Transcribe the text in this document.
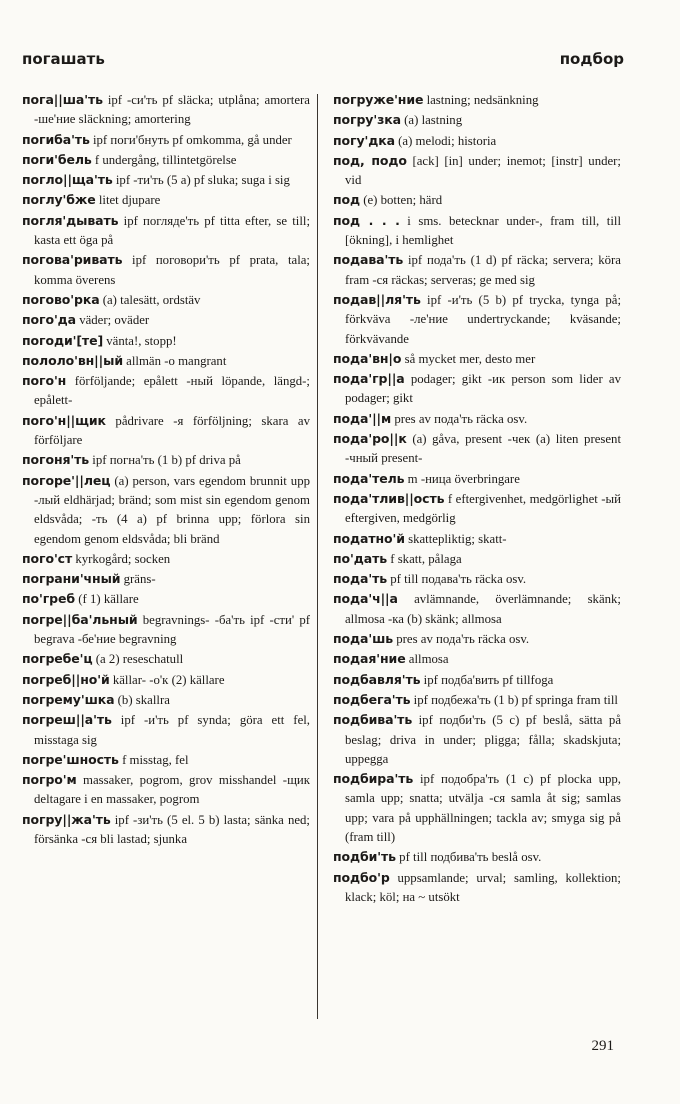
погашать	подбор

пога||ша'ть ipf -си'ть pf släcka; utplåna; amortera -ше'ние släckning; amortering

погиба'ть ipf поги'бнуть pf omkomma, gå under

поги'бель f undergång, tillintetgörelse

погло||ща'ть ipf -ти'ть (5 a) pf sluka; suga i sig

поглу'бже litet djupare

погля'дывать ipf погляде'ть pf titta efter, se till; kasta ett öga på

погова'ривать ipf поговори'ть pf prata, tala; komma överens

погово'рка (a) talesätt, ordstäv

пого'да väder; oväder

погоди'[те] vänta!, stopp!

пололо'вн||ый allmän -о mangrant

пого'н förföljande; epålett -ный löpande, längd-; epålett-

пого'н||щик pådrivare -я förföljning; skara av förföljare

погоня'ть ipf погна'ть (1 b) pf driva på

погоре'||лец (a) person, vars egendom brunnit upp -лый eldhärjad; bränd; som mist sin egendom genom eldsvåda; -ть (4 a) pf brinna upp; förlora sin egendom genom eldsvåda; bli bränd

пого'ст kyrkogård; socken

пограни'чный gräns-

по'греб (f 1) källare

погре||ба'льный begravnings- -ба'ть ipf -сти' pf begrava -бе'ние begravning

погребе'ц (a 2) reseschatull

погреб||но'й källar- -о'к (2) källare

погрему'шка (b) skallra

погреш||а'ть ipf -и'ть pf synda; göra ett fel, misstaga sig

погре'шность f misstag, fel

погро'м massaker, pogrom, grov misshandel -щик deltagare i en massaker, pogrom

погру||жа'ть ipf -зи'ть (5 el. 5 b) lasta; sänka ned; försänka -ся bli lastad; sjunka

погруже'ние lastning; nedsänkning

погру'зка (a) lastning

погу'дка (a) melodi; historia

под, подо [ack] [in] under; inemot; [instr] under; vid

под (e) botten; härd

под . . . i sms. betecknar under-, fram till, till [ökning], i hemlighet

подава'ть ipf пода'ть (1 d) pf räcka; servera; köra fram -ся räckas; serveras; ge med sig

подав||ля'ть ipf -и'ть (5 b) pf trycka, tynga på; förkväva -ле'ние undertryckande; kväsande; förkvävande

пода'вн|о så mycket mer, desto mer

пода'гр||а podager; gikt -ик person som lider av podager; gikt

пода'||м pres av пода'ть räcka osv.

пода'ро||к (a) gåva, present -чек (a) liten present -чный present-

пода'тель m -ница överbringare

пода'тлив||ость f eftergivenhet, medgörlighet -ый eftergiven, medgörlig

податно'й skattepliktig; skatt-

по'дать f skatt, pålaga

пода'ть pf till подава'ть räcka osv.

пода'ч||а avlämnande, överlämnande; skänk; allmosa -ка (b) skänk; allmosa

пода'шь pres av пода'ть räcka osv.

подая'ние allmosa

подбавля'ть ipf подба'вить pf tillfoga

подбега'ть ipf подбежа'ть (1 b) pf springa fram till

подбива'ть ipf подби'ть (5 c) pf beslå, sätta på beslag; driva in under; pligga; fålla; skadskjuta; uppegga

подбира'ть ipf подобра'ть (1 c) pf plocka upp, samla upp; snatta; utvälja -ся samla åt sig; samlas upp; vara på upphällningen; tackla av; smyga sig på (fram till)

подби'ть pf till подбива'ть beslå osv.

подбо'р uppsamlande; urval; samling, kollektion; klack; köl; на ~ utsökt

291
